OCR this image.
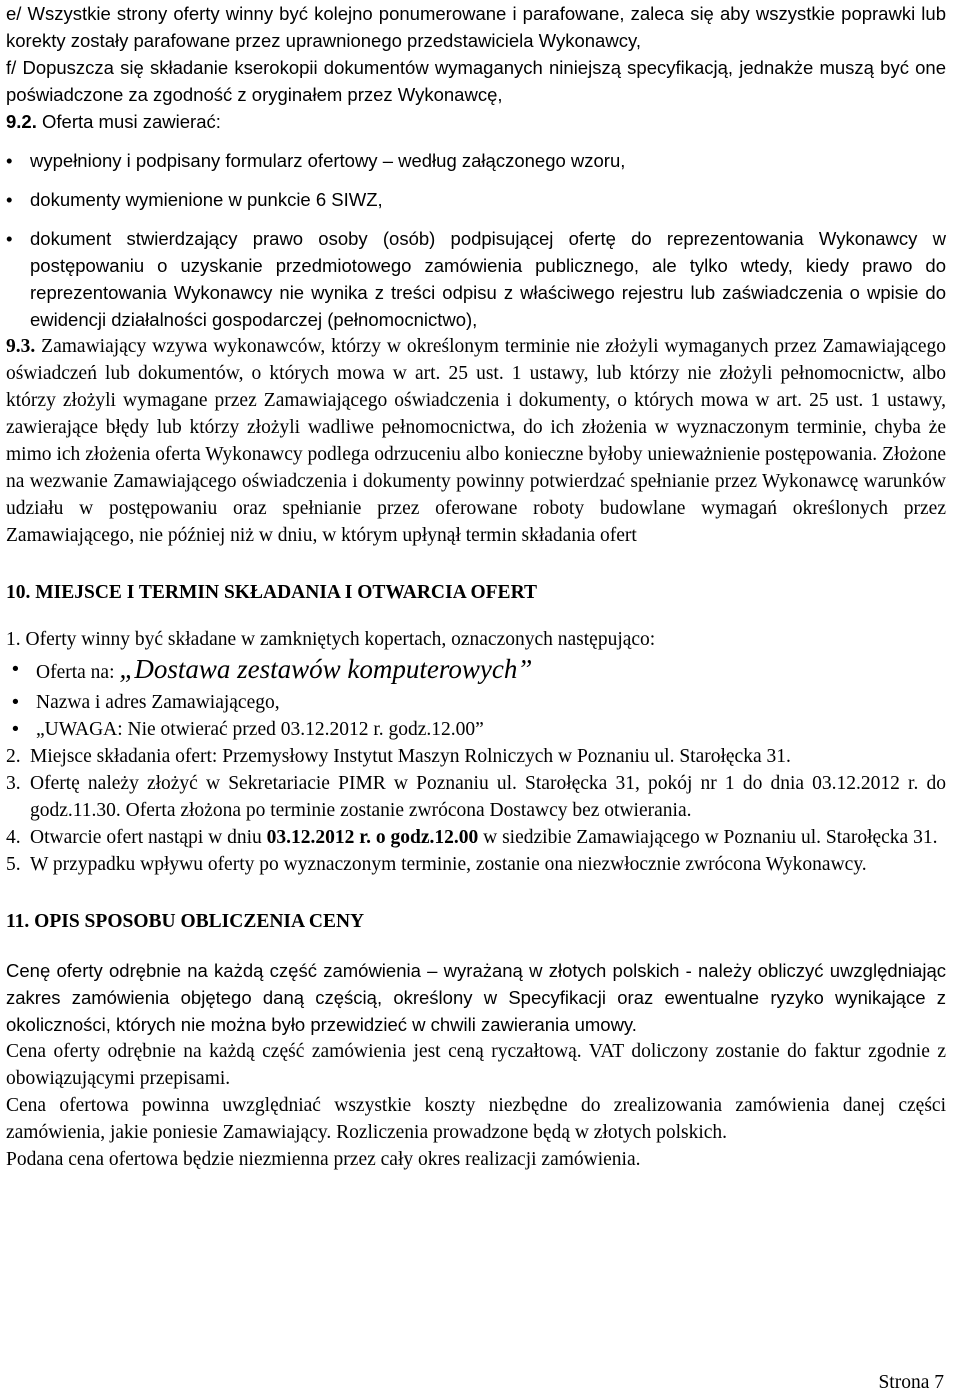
e/ Wszystkie strony oferty winny być kolejno ponumerowane i parafowane, zaleca się aby wszystkie poprawki lub korekty zostały parafowane przez uprawnionego przedstawiciela Wykonawcy,

f/ Dopuszcza się składanie kserokopii dokumentów wymaganych niniejszą specyfikacją, jednakże muszą być one poświadczone za zgodność z oryginałem przez Wykonawcę,

9.2. Oferta musi zawierać:

• wypełniony i podpisany formularz ofertowy – według załączonego wzoru,
• dokumenty wymienione w punkcie 6 SIWZ,
• dokument stwierdzający prawo osoby (osób) podpisującej ofertę do reprezentowania Wykonawcy w postępowaniu o uzyskanie przedmiotowego zamówienia publicznego, ale tylko wtedy, kiedy prawo do reprezentowania Wykonawcy nie wynika z treści odpisu z właściwego rejestru lub zaświadczenia o wpisie do ewidencji działalności gospodarczej (pełnomocnictwo),

9.3. Zamawiający wzywa wykonawców, którzy w określonym terminie nie złożyli wymaganych przez Zamawiającego oświadczeń lub dokumentów, o których mowa w art. 25 ust. 1 ustawy, lub którzy nie złożyli pełnomocnictw, albo którzy złożyli wymagane przez Zamawiającego oświadczenia i dokumenty, o których mowa w art. 25 ust. 1 ustawy, zawierające błędy lub którzy złożyli wadliwe pełnomocnictwa, do ich złożenia w wyznaczonym terminie, chyba że mimo ich złożenia oferta Wykonawcy podlega odrzuceniu albo konieczne byłoby unieważnienie postępowania. Złożone na wezwanie Zamawiającego oświadczenia i dokumenty powinny potwierdzać spełnianie przez Wykonawcę warunków udziału w postępowaniu oraz spełnianie przez oferowane roboty budowlane wymagań określonych przez Zamawiającego, nie później niż w dniu, w którym upłynął termin składania ofert

10. MIEJSCE I TERMIN SKŁADANIA I OTWARCIA OFERT

1. Oferty winny być składane w zamkniętych kopertach, oznaczonych następująco:

• Oferta na: „Dostawa zestawów komputerowych”
• Nazwa i adres Zamawiającego,
• „UWAGA: Nie otwierać przed 03.12.2012 r. godz.12.00”
2. Miejsce składania ofert: Przemysłowy Instytut Maszyn Rolniczych w Poznaniu ul. Starołęcka 31.
3. Ofertę należy złożyć w Sekretariacie PIMR w Poznaniu ul. Starołęcka 31, pokój nr 1 do dnia 03.12.2012 r. do godz.11.30. Oferta złożona po terminie zostanie zwrócona Dostawcy bez otwierania.
4. Otwarcie ofert nastąpi w dniu 03.12.2012 r. o godz.12.00 w siedzibie Zamawiającego w Poznaniu ul. Starołęcka 31.
5. W przypadku wpływu oferty po wyznaczonym terminie, zostanie ona niezwłocznie zwrócona Wykonawcy.

11. OPIS SPOSOBU OBLICZENIA CENY

Cenę oferty odrębnie na każdą część zamówienia – wyrażaną w złotych polskich - należy obliczyć uwzględniając zakres zamówienia objętego daną częścią, określony w Specyfikacji oraz ewentualne ryzyko wynikające z okoliczności, których nie można było przewidzieć w chwili zawierania umowy.

Cena oferty odrębnie na każdą część zamówienia jest ceną ryczałtową. VAT doliczony zostanie do faktur zgodnie z obowiązującymi przepisami.

Cena ofertowa powinna uwzględniać wszystkie koszty niezbędne do zrealizowania zamówienia danej części zamówienia, jakie poniesie Zamawiający. Rozliczenia prowadzone będą w złotych polskich.

Podana cena ofertowa będzie niezmienna przez cały okres realizacji zamówienia.

Strona 7
